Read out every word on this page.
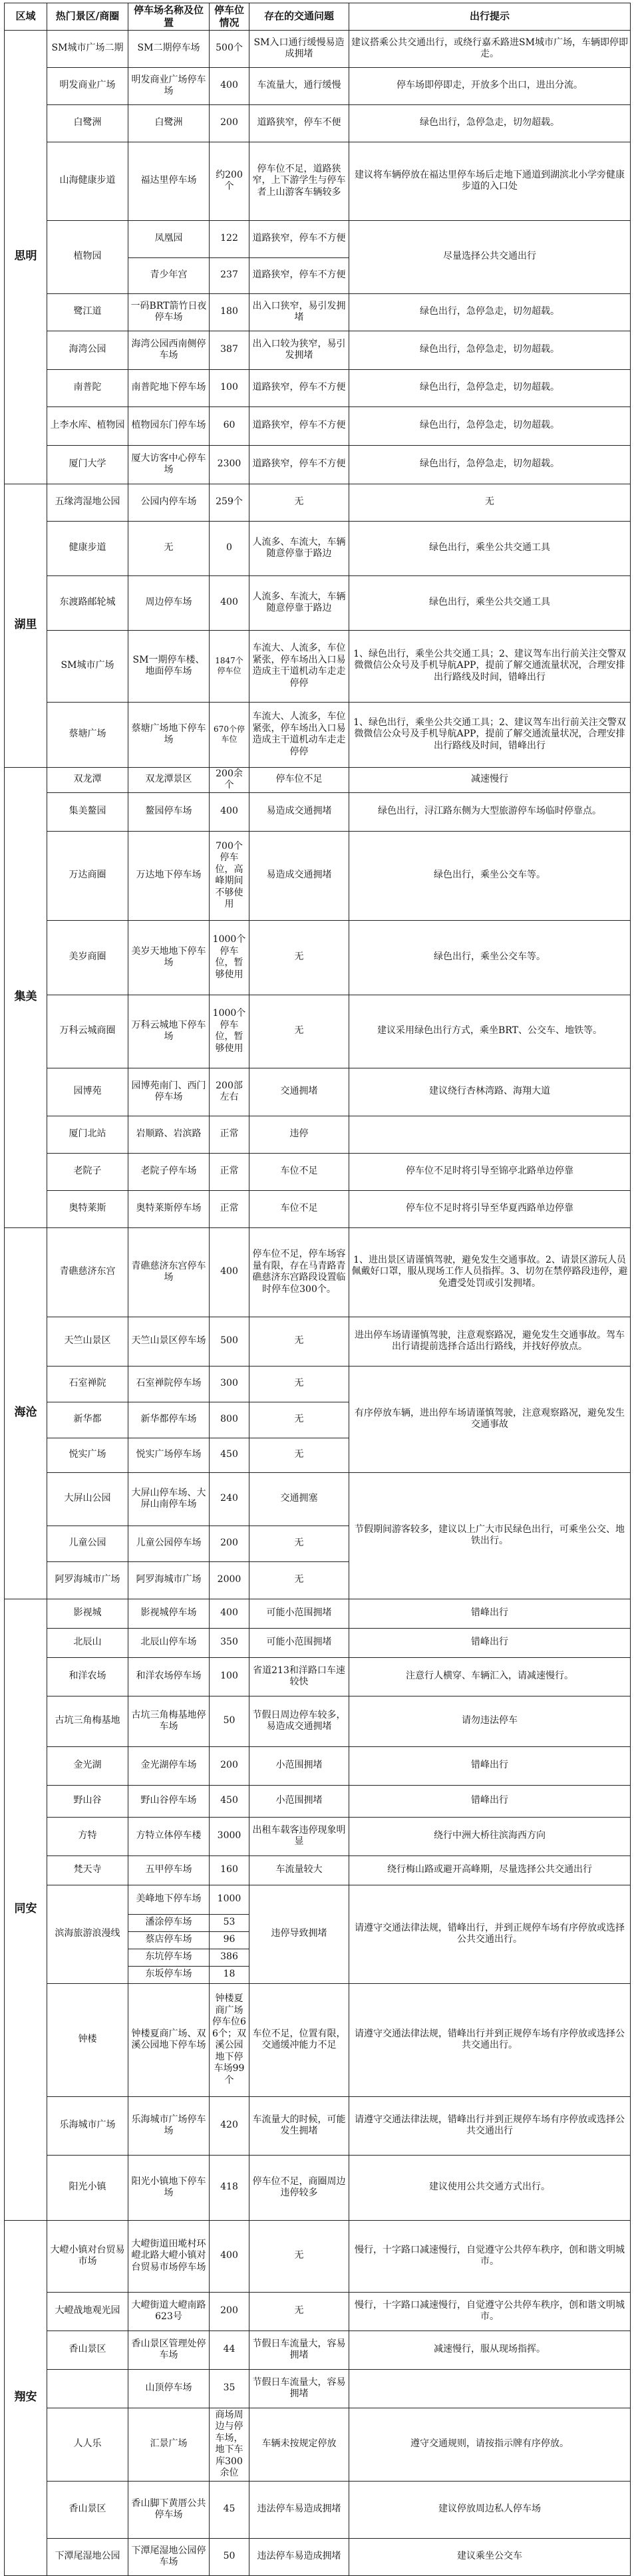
区域	热门景区/商圈	停车场名称及位置	停车位情况	存在的交通问题	出行提示
思明	SM城市广场二期	SM二期停车场	500个	SM入口通行缓慢易造成拥堵	建议搭乘公共交通出行，或绕行嘉禾路进SM城市广场，车辆即停即走。
	明发商业广场	明发商业广场停车场	400	车流量大，通行缓慢	停车场即停即走，开放多个出口，进出分流。
	白鹭洲	白鹭洲	200	道路狭窄，停车不便	绿色出行，急停急走，切勿超载。
	山海健康步道	福达里停车场	约200个	停车位不足，道路狭窄，上下游学生与停车者上山游客车辆较多	建议将车辆停放在福达里停车场后走地下通道到湖滨北小学旁健康步道的入口处
	植物园	凤凰园	122	道路狭窄，停车不方便	尽量选择公共交通出行
		青少年宫	237	道路狭窄，停车不方便	
	鹭江道	一码BRT箭竹日夜停车场	180	出入口狭窄，易引发拥堵	绿色出行，急停急走，切勿超载。
	海湾公园	海湾公园西南侧停车场	387	出入口较为狭窄，易引发拥堵	绿色出行，急停急走，切勿超载。
	南普陀	南普陀地下停车场	100	道路狭窄，停车不方便	绿色出行，急停急走，切勿超载。
	上李水库、植物园	植物园东门停车场	60	道路狭窄，停车不方便	绿色出行，急停急走，切勿超载。
	厦门大学	厦大访客中心停车场	2300	道路狭窄，停车不方便	绿色出行，急停急走，切勿超载。
湖里	五缘湾湿地公园	公园内停车场	259个	无	无
	健康步道	无	0	人流多、车流大，车辆随意停靠于路边	绿色出行，乘坐公共交通工具
	东渡路邮轮城	周边停车场	400	人流多、车流大，车辆随意停靠于路边	绿色出行，乘坐公共交通工具
	SM城市广场	SM一期停车楼、地面停车场	1847个停车位	车流大、人流多，车位紧张，停车场出入口易造成主干道机动车走走停停	1、绿色出行，乘坐公共交通工具；2、建议驾车出行前关注交警双微微信公众号及手机导航APP，提前了解交通流量状况，合理安排出行路线及时间，错峰出行
	蔡塘广场	蔡塘广场地下停车场	670个停车位	车流大、人流多，车位紧张，停车场出入口易造成主干道机动车走走停停	1、绿色出行，乘坐公共交通工具；2、建议驾车出行前关注交警双微微信公众号及手机导航APP，提前了解交通流量状况，合理安排出行路线及时间，错峰出行
集美	双龙潭	双龙潭景区	200余个	停车位不足	减速慢行
	集美鳌园	鳌园停车场	400	易造成交通拥堵	绿色出行，浔江路东侧为大型旅游停车场临时停靠点。
	万达商圈	万达地下停车场	700个停车位，高峰期间不够使用	易造成交通拥堵	绿色出行，乘坐公交车等。
	美岁商圈	美岁天地地下停车场	1000个停车位，暂够使用	无	绿色出行，乘坐公交车等。
	万科云城商圈	万科云城地下停车场	1000个停车位，暂够使用	无	建议采用绿色出行方式，乘坐BRT、公交车、地铁等。
	园博苑	园博苑南门、西门停车场	200部左右	交通拥堵	建议绕行杏林湾路、海翔大道
	厦门北站	岩顺路、岩滨路	正常	违停	
	老院子	老院子停车场	正常	车位不足	停车位不足时将引导至锦亭北路单边停靠
	奥特莱斯	奥特莱斯停车场	正常	车位不足	停车位不足时将引导至华夏西路单边停靠
海沧	青礁慈济东宫	青礁慈济东宫停车场	400	停车位不足，停车场容量有限，存在马青路青礁慈济东宫路段设置临时停车位300个。	1、进出景区请谨慎驾驶，避免发生交通事故。2、请景区游玩人员佩戴好口罩，服从现场工作人员指挥。3、切勿在禁停路段违停，避免遭受处罚或引发拥堵。
	天竺山景区	天竺山景区停车场	500	无	进出停车场请谨慎驾驶，注意观察路况，避免发生交通事故。驾车出行请提前选择合适出行路线，并找好停放点。
	石室禅院	石室禅院停车场	300	无	有序停放车辆，进出停车场请谨慎驾驶，注意观察路况，避免发生交通事故
	新华都	新华都停车场	800	无	
	悦实广场	悦实广场停车场	450	无	
	大屏山公园	大屏山停车场、大屏山南停车场	240	交通拥塞	节假期间游客较多，建议以上广大市民绿色出行，可乘坐公交、地铁出行。
	儿童公园	儿童公园停车场	200	无	
	阿罗海城市广场	阿罗海城市广场	2000	无	
同安	影视城	影视城停车场	400	可能小范围拥堵	错峰出行
	北辰山	北辰山停车场	350	可能小范围拥堵	错峰出行
	和洋农场	和洋农场停车场	100	省道213和洋路口车速较快	注意行人横穿、车辆汇入，请减速慢行。
	古坑三角梅基地	古坑三角梅基地停车场	50	节假日周边停车较多，易造成交通拥堵	请勿违法停车
	金光湖	金光湖停车场	200	小范围拥堵	错峰出行
	野山谷	野山谷停车场	450	小范围拥堵	错峰出行
	方特	方特立体停车楼	3000	出租车载客违停现象明显	绕行中洲大桥往滨海西方向
	梵天寺	五甲停车场	160	车流量较大	绕行梅山路或避开高峰期，尽量选择公共交通出行
	滨海旅游浪漫线	美峰地下停车场	1000	违停导致拥堵	请遵守交通法律法规，错峰出行，并到正规停车场有序停放或选择公共交通出行。
		潘涂停车场	53		
		蔡店停车场	96		
		东坑停车场	386		
		东坂停车场	18		
	钟楼	钟楼夏商广场、双溪公园地下停车场	钟楼夏商广场停车位66个；双溪公园地下停车场99个	车位不足，位置有限，交通缓冲能力不足	请遵守交通法律法规，错峰出行并到正规停车场有序停放或选择公共交通出行。
	乐海城市广场	乐海城市广场停车场	420	车流量大的时候，可能发生拥堵	请遵守交通法律法规，错峰出行并到正规停车场有序停放或选择公共交通出行
	阳光小镇	阳光小镇地下停车场	418	停车位不足，商圈周边违停较多	建议使用公共交通方式出行。
翔安	大嶝小镇对台贸易市场	大嶝街道田墘村环嶝北路大嶝小镇对台贸易市场停车场	400	无	慢行，十字路口减速慢行，自觉遵守公共停车秩序，创和谐文明城市。
	大嶝战地观光园	大嶝街道大嶝南路623号	200	无	慢行，十字路口减速慢行，自觉遵守公共停车秩序，创和谐文明城市。
	香山景区	香山景区管理处停车场	44	节假日车流量大，容易拥堵	减速慢行，服从现场指挥。
		山顶停车场	35	节假日车流量大，容易拥堵	
	人人乐	汇景广场	商场周边与停车场，地下车库300余位	车辆未按规定停放	遵守交通规则，请按指示牌有序停放。
	香山景区	香山脚下黄厝公共停车场	45	违法停车易造成拥堵	建议停放周边私人停车场
	下潭尾湿地公园	下潭尾湿地公园停车场	50	违法停车易造成拥堵	建议乘坐公交车
